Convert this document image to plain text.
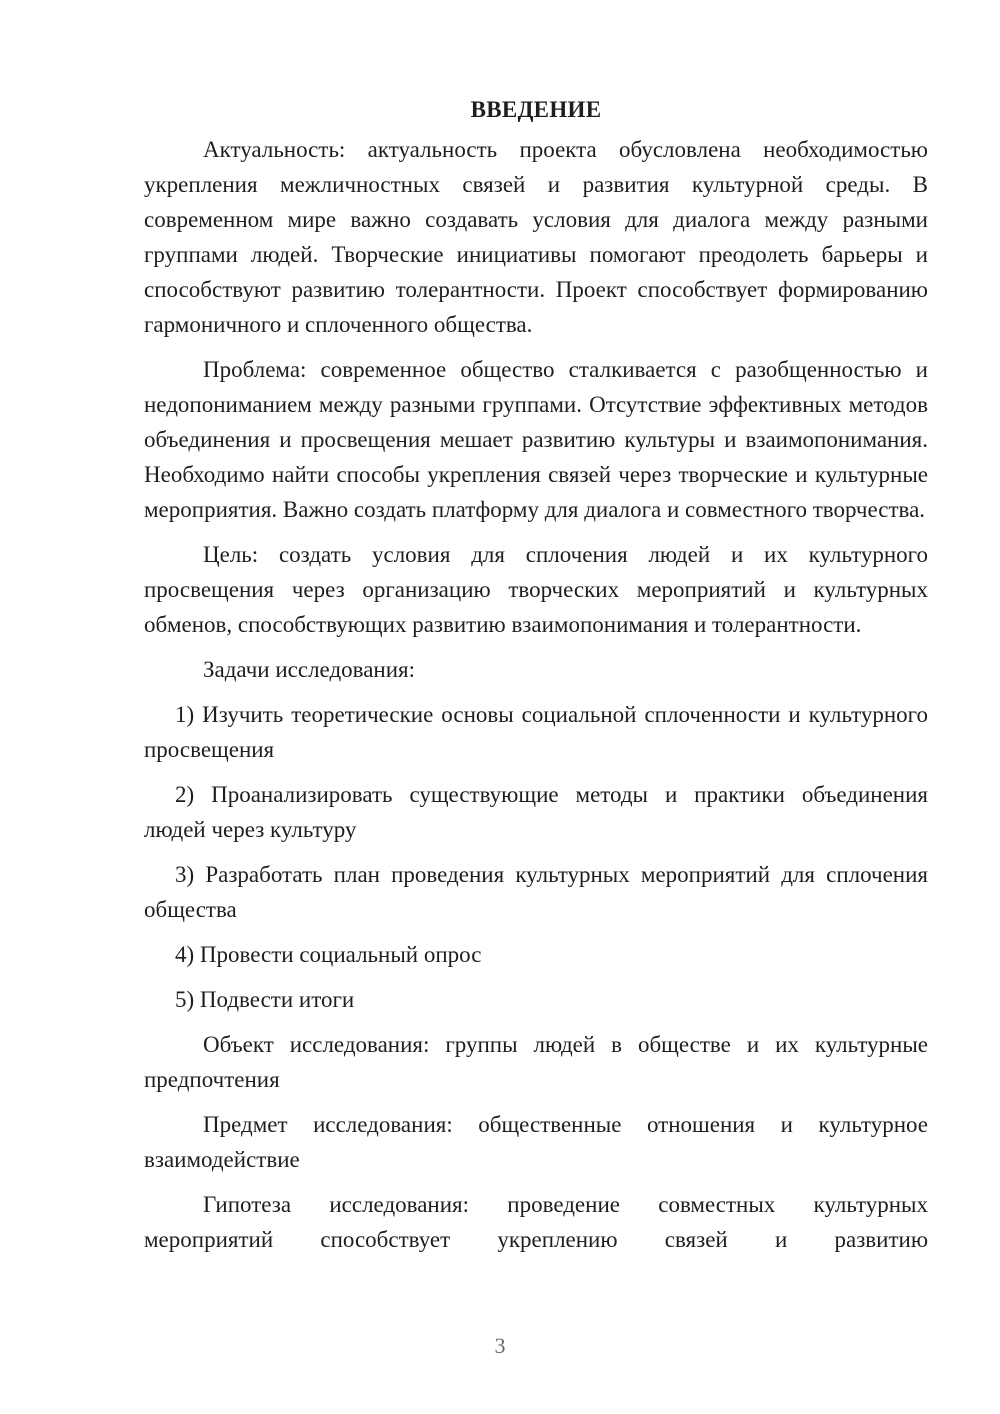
ВВЕДЕНИЕ

Актуальность: актуальность проекта обусловлена необходимостью укрепления межличностных связей и развития культурной среды. В современном мире важно создавать условия для диалога между разными группами людей. Творческие инициативы помогают преодолеть барьеры и способствуют развитию толерантности. Проект способствует формированию гармоничного и сплоченного общества.

Проблема: современное общество сталкивается с разобщенностью и недопониманием между разными группами. Отсутствие эффективных методов объединения и просвещения мешает развитию культуры и взаимопонимания. Необходимо найти способы укрепления связей через творческие и культурные мероприятия. Важно создать платформу для диалога и совместного творчества.

Цель: создать условия для сплочения людей и их культурного просвещения через организацию творческих мероприятий и культурных обменов, способствующих развитию взаимопонимания и толерантности.

Задачи исследования:

1) Изучить теоретические основы социальной сплоченности и культурного просвещения

2) Проанализировать существующие методы и практики объединения людей через культуру

3) Разработать план проведения культурных мероприятий для сплочения общества

4) Провести социальный опрос

5) Подвести итоги

Объект исследования: группы людей в обществе и их культурные предпочтения

Предмет исследования: общественные отношения и культурное взаимодействие

Гипотеза исследования: проведение совместных культурных мероприятий способствует укреплению связей и развитию

3
